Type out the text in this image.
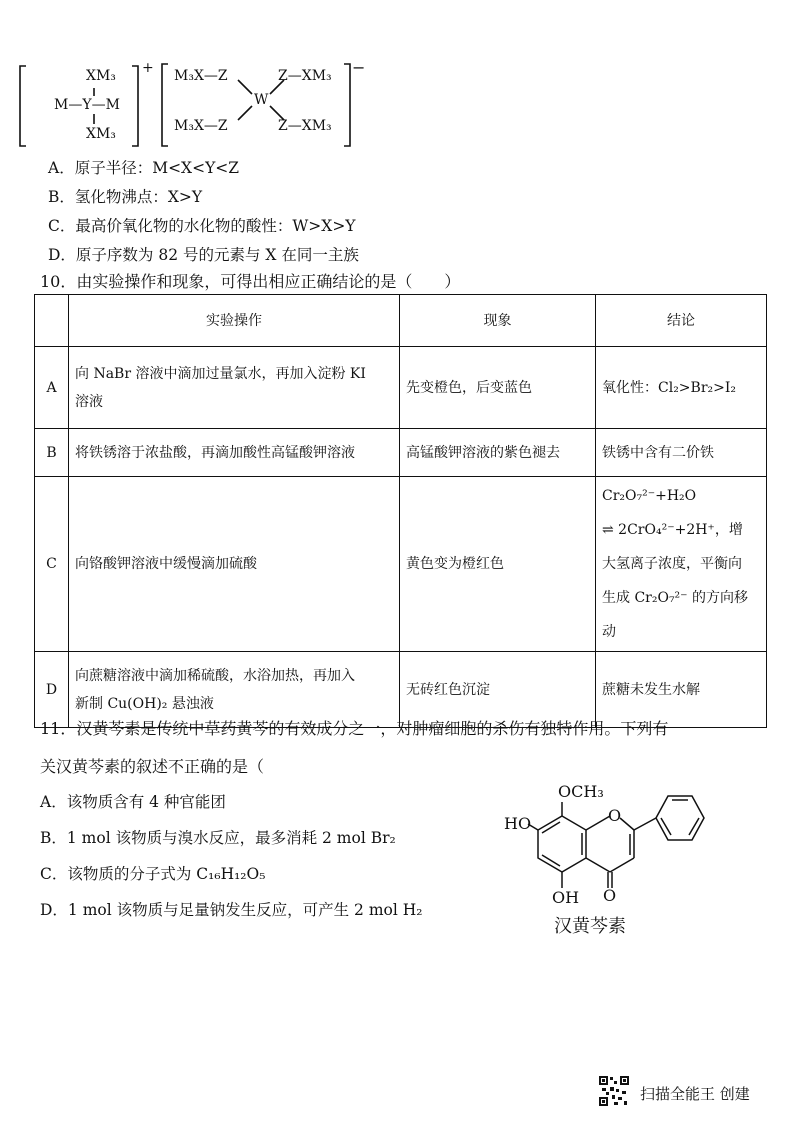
XM₃
M—Y—M
XM₃
+ M₃X—Z	Z—XM₃
W
M₃X—Z	Z—XM₃
−
A．原子半径：M<X<Y<Z
B．氢化物沸点：X>Y
C．最高价氧化物的水化物的酸性：W>X>Y
D．原子序数为 82 号的元素与 X 在同一主族
10．由实验操作和现象，可得出相应正确结论的是（　　）
	实验操作	现象	结论
A	向 NaBr 溶液中滴加过量氯水，再加入淀粉 KI
溶液	先变橙色，后变蓝色	氧化性：Cl₂>Br₂>I₂
B	将铁锈溶于浓盐酸，再滴加酸性高锰酸钾溶液	高锰酸钾溶液的紫色褪去	铁锈中含有二价铁
C	向铬酸钾溶液中缓慢滴加硫酸	黄色变为橙红色	Cr₂O₇²⁻+H₂O
⇌ 2CrO₄²⁻+2H⁺，增
大氢离子浓度，平衡向
生成 Cr₂O₇²⁻ 的方向移动

D	向蔗糖溶液中滴加稀硫酸，水浴加热，再加入
新制 Cu(OH)₂ 悬浊液	无砖红色沉淀	蔗糖未发生水解
11．汉黄芩素是传统中草药黄芩的有效成分之一，对肿瘤细胞的杀伤有独特作用。下列有
关汉黄芩素的叙述不正确的是（
A．该物质含有 4 种官能团
B．1 mol 该物质与溴水反应，最多消耗 2 mol Br₂
C．该物质的分子式为 C₁₆H₁₂O₅
D．1 mol 该物质与足量钠发生反应，可产生 2 mol H₂
OCH₃
HO	O
OH O
汉黄芩素
扫描全能王 创建
